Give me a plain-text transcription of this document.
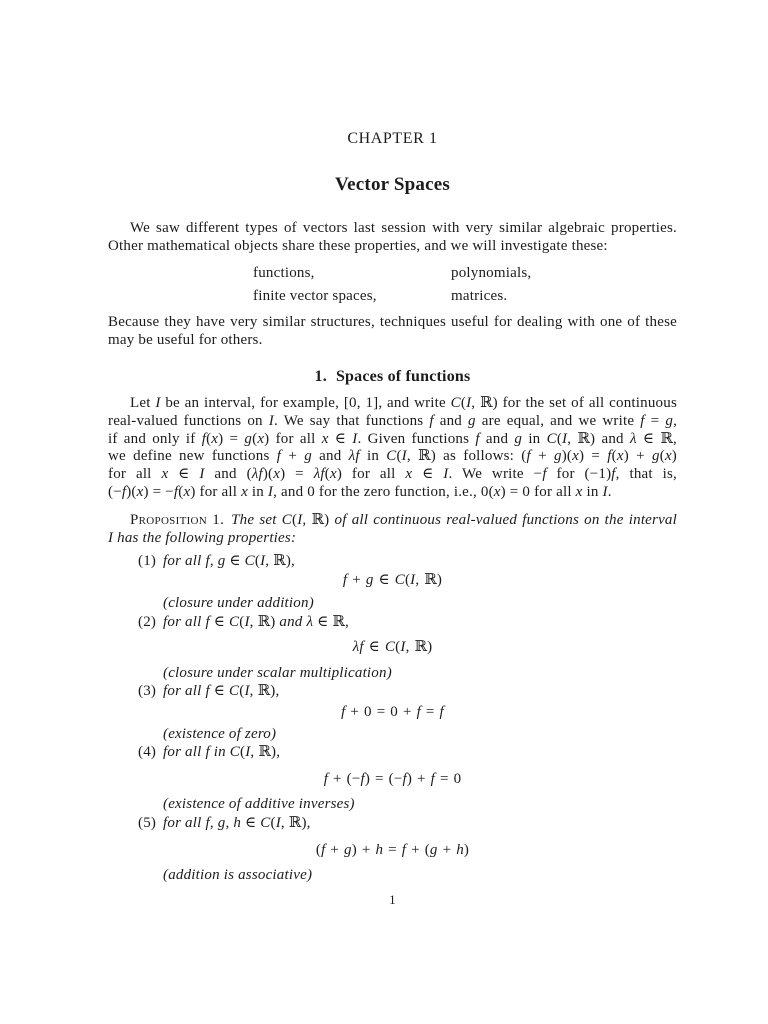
CHAPTER 1
Vector Spaces
We saw different types of vectors last session with very similar algebraic properties.
Other mathematical objects share these properties, and we will investigate these:
functions,	polynomials,
finite vector spaces,	matrices.
Because they have very similar structures, techniques useful for dealing with one of these
may be useful for others.
1. Spaces of functions
Let I be an interval, for example, [0, 1], and write C(I, ℝ) for the set of all continuous
real-valued functions on I. We say that functions f and g are equal, and we write f = g,
if and only if f(x) = g(x) for all x ∈ I. Given functions f and g in C(I, ℝ) and λ ∈ ℝ,
we define new functions f + g and λf in C(I, ℝ) as follows: (f + g)(x) = f(x) + g(x)
for all x ∈ I and (λf)(x) = λf(x) for all x ∈ I. We write −f for (−1)f, that is,
(−f)(x) = −f(x) for all x in I, and 0 for the zero function, i.e., 0(x) = 0 for all x in I.
Proposition 1. The set C(I, ℝ) of all continuous real-valued functions on the interval
I has the following properties:
(1) for all f, g ∈ C(I, ℝ),
f + g ∈ C(I, ℝ)
(closure under addition)
(2) for all f ∈ C(I, ℝ) and λ ∈ ℝ,
λf ∈ C(I, ℝ)
(closure under scalar multiplication)
(3) for all f ∈ C(I, ℝ),
f + 0 = 0 + f = f
(existence of zero)
(4) for all f in C(I, ℝ),
f + (−f) = (−f) + f = 0
(existence of additive inverses)
(5) for all f, g, h ∈ C(I, ℝ),
(f + g) + h = f + (g + h)
(addition is associative)
1
